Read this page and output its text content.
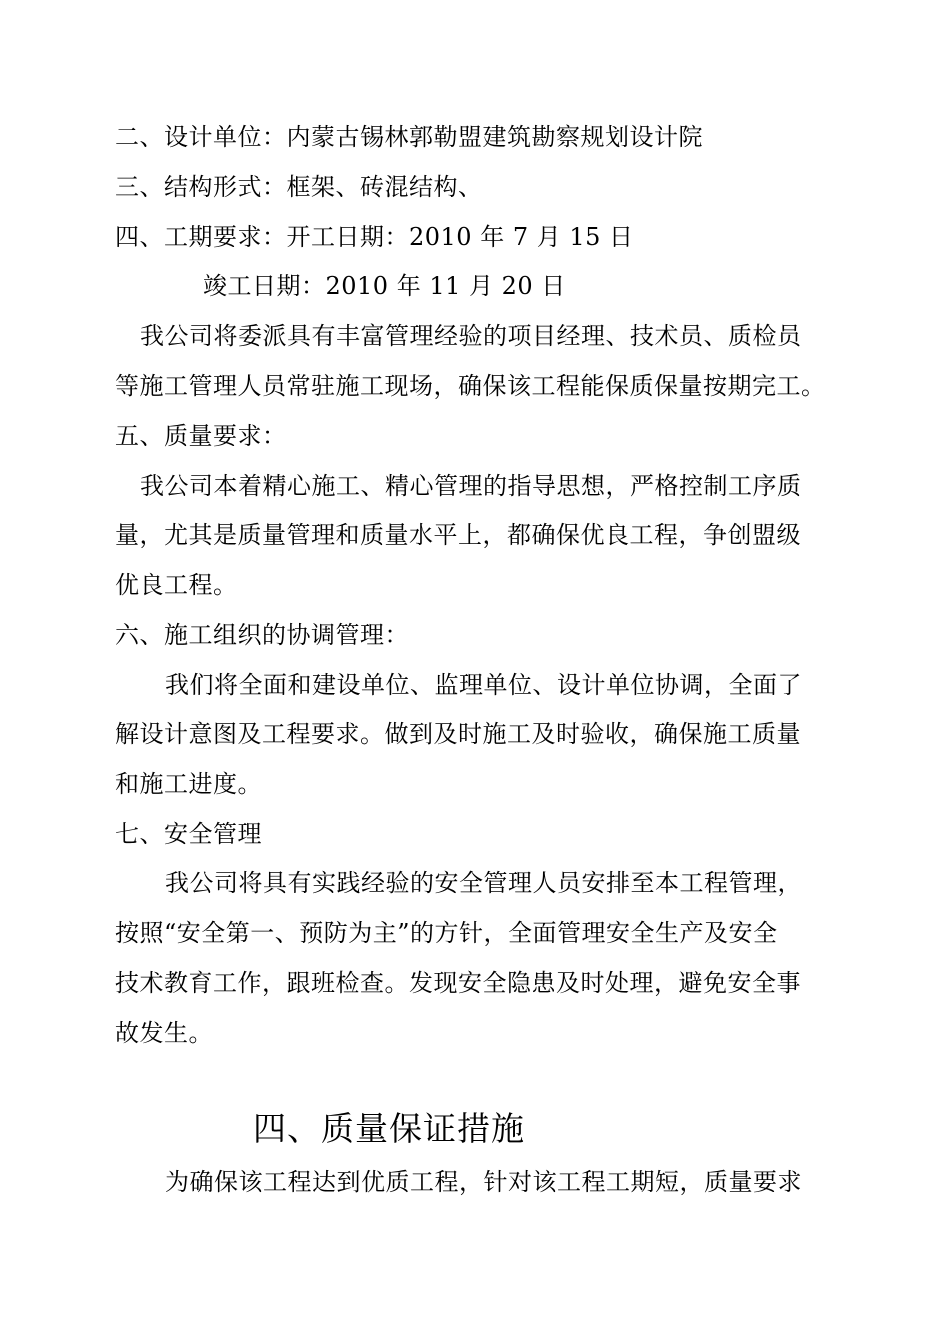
二、设计单位：内蒙古锡林郭勒盟建筑勘察规划设计院
三、结构形式：框架、砖混结构、
四、工期要求：开工日期：2010 年 7 月 15 日
竣工日期：2010 年 11 月 20 日
我公司将委派具有丰富管理经验的项目经理、技术员、质检员
等施工管理人员常驻施工现场，确保该工程能保质保量按期完工。
五、质量要求：
我公司本着精心施工、精心管理的指导思想，严格控制工序质
量，尤其是质量管理和质量水平上，都确保优良工程，争创盟级
优良工程。
六、施工组织的协调管理：
我们将全面和建设单位、监理单位、设计单位协调，全面了
解设计意图及工程要求。做到及时施工及时验收，确保施工质量
和施工进度。
七、安全管理
我公司将具有实践经验的安全管理人员安排至本工程管理，
按照“安全第一、预防为主”的方针，全面管理安全生产及安全
技术教育工作，跟班检查。发现安全隐患及时处理，避免安全事
故发生。
四、质量保证措施
为确保该工程达到优质工程，针对该工程工期短，质量要求
